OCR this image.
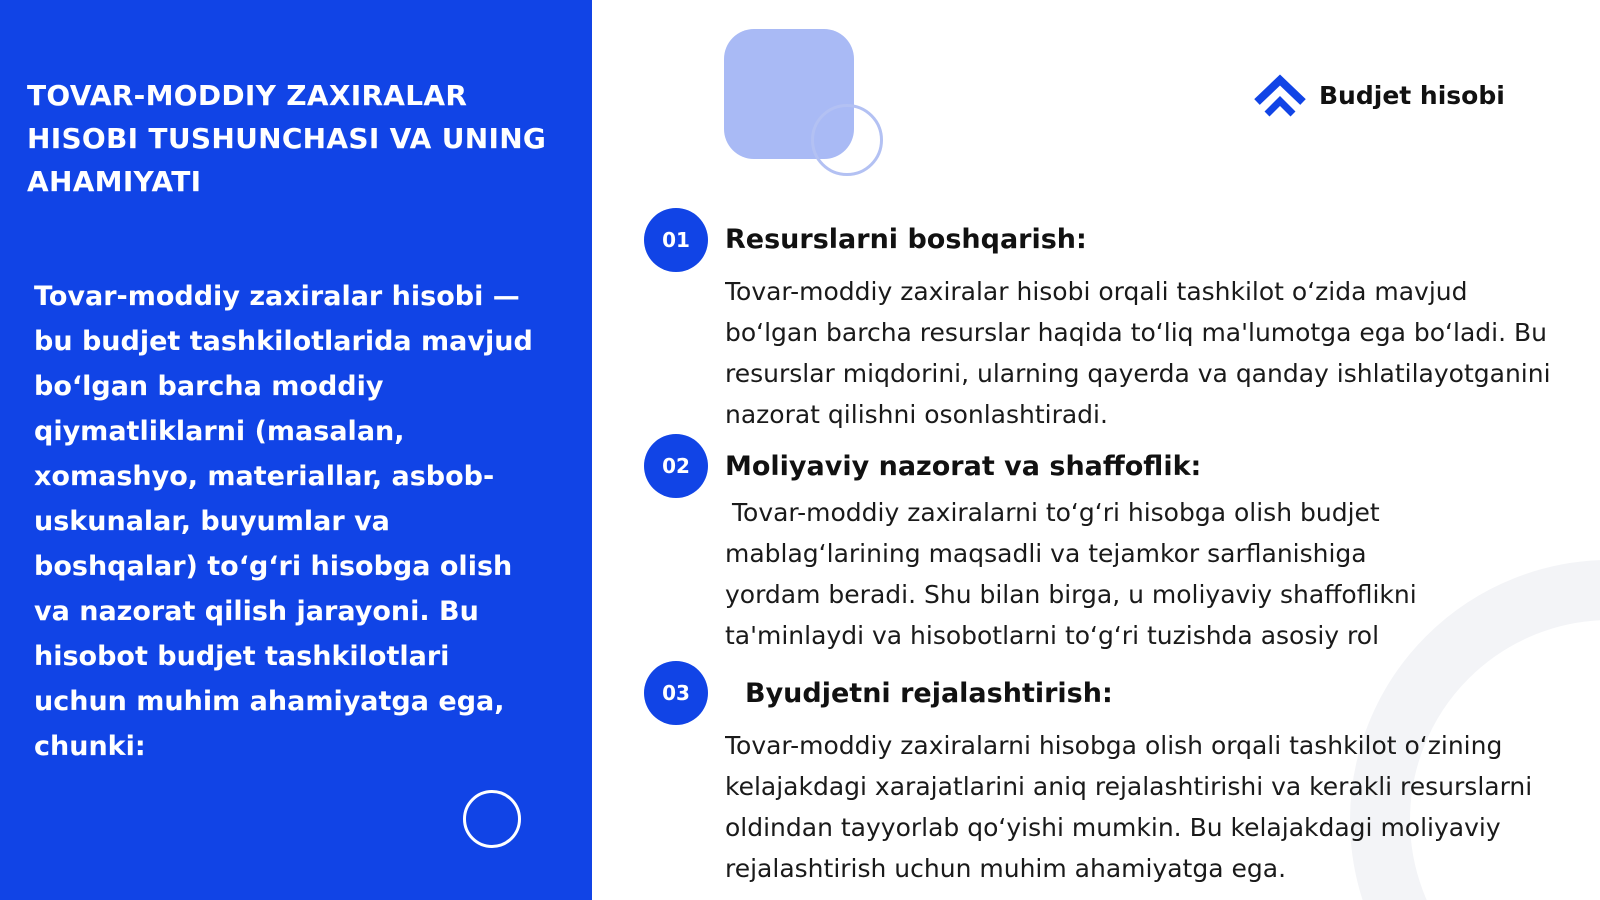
TOVAR-MODDIY ZAXIRALAR HISOBI TUSHUNCHASI VA UNING AHAMIYATI

Tovar-moddiy zaxiralar hisobi — bu budjet tashkilotlarida mavjud bo‘lgan barcha moddiy qiymatliklarni (masalan, xomashyo, materiallar, asbob-uskunalar, buyumlar va boshqalar) to‘g‘ri hisobga olish va nazorat qilish jarayoni. Bu hisobot budjet tashkilotlari uchun muhim ahamiyatga ega, chunki:

Budjet hisobi
01	Resurslarni boshqarish:

Tovar-moddiy zaxiralar hisobi orqali tashkilot o‘zida mavjud bo‘lgan barcha resurslar haqida to‘liq ma'lumotga ega bo‘ladi. Bu resurslar miqdorini, ularning qayerda va qanday ishlatilayotganini nazorat qilishni osonlashtiradi.

02	Moliyaviy nazorat va shaffoflik:

Tovar-moddiy zaxiralarni to‘g‘ri hisobga olish budjet mablag‘larining maqsadli va tejamkor sarflanishiga yordam beradi. Shu bilan birga, u moliyaviy shaffoflikni ta'minlaydi va hisobotlarni to‘g‘ri tuzishda asosiy rol

03	Byudjetni rejalashtirish:

Tovar-moddiy zaxiralarni hisobga olish orqali tashkilot o‘zining kelajakdagi xarajatlarini aniq rejalashtirishi va kerakli resurslarni oldindan tayyorlab qo‘yishi mumkin. Bu kelajakdagi moliyaviy rejalashtirish uchun muhim ahamiyatga ega.
